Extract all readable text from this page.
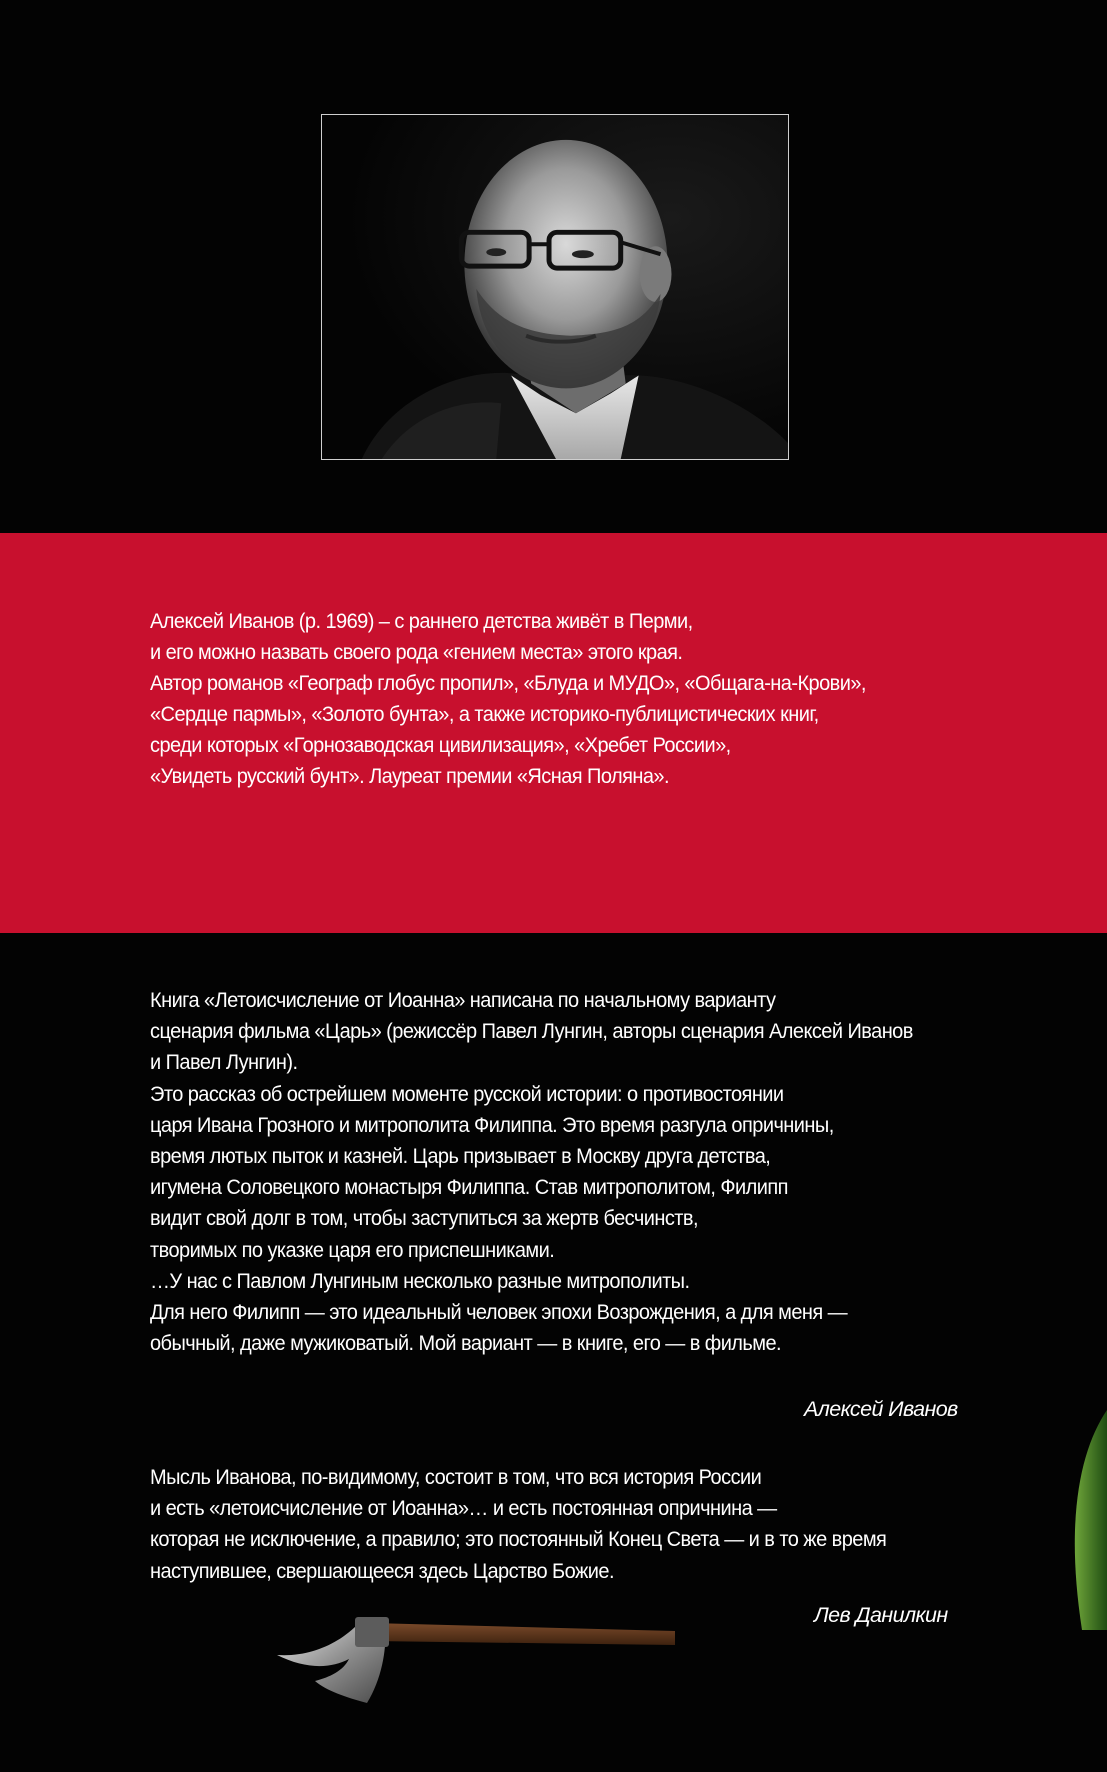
Алексей Иванов (р. 1969) – с раннего детства живёт в Перми,
и его можно назвать своего рода «гением места» этого края.
Автор романов «Географ глобус пропил», «Блуда и МУДО», «Общага-на-Крови»,
«Сердце пармы», «Золото бунта», а также историко-публицистических книг,
среди которых «Горнозаводская цивилизация», «Хребет России»,
«Увидеть русский бунт». Лауреат премии «Ясная Поляна».
Книга «Летоисчисление от Иоанна» написана по начальному варианту
сценария фильма «Царь» (режиссёр Павел Лунгин, авторы сценария Алексей Иванов
и Павел Лунгин).
Это рассказ об острейшем моменте русской истории: о противостоянии
царя Ивана Грозного и митрополита Филиппа. Это время разгула опричнины,
время лютых пыток и казней. Царь призывает в Москву друга детства,
игумена Соловецкого монастыря Филиппа. Став митрополитом, Филипп
видит свой долг в том, чтобы заступиться за жертв бесчинств,
творимых по указке царя его приспешниками.
…У нас с Павлом Лунгиным несколько разные митрополиты.
Для него Филипп — это идеальный человек эпохи Возрождения, а для меня —
обычный, даже мужиковатый. Мой вариант — в книге, его — в фильме.
Алексей Иванов
Мысль Иванова, по-видимому, состоит в том, что вся история России
и есть «летоисчисление от Иоанна»… и есть постоянная опричнина —
которая не исключение, а правило; это постоянный Конец Света — и в то же время
наступившее, свершающееся здесь Царство Божие.
Лев Данилкин
